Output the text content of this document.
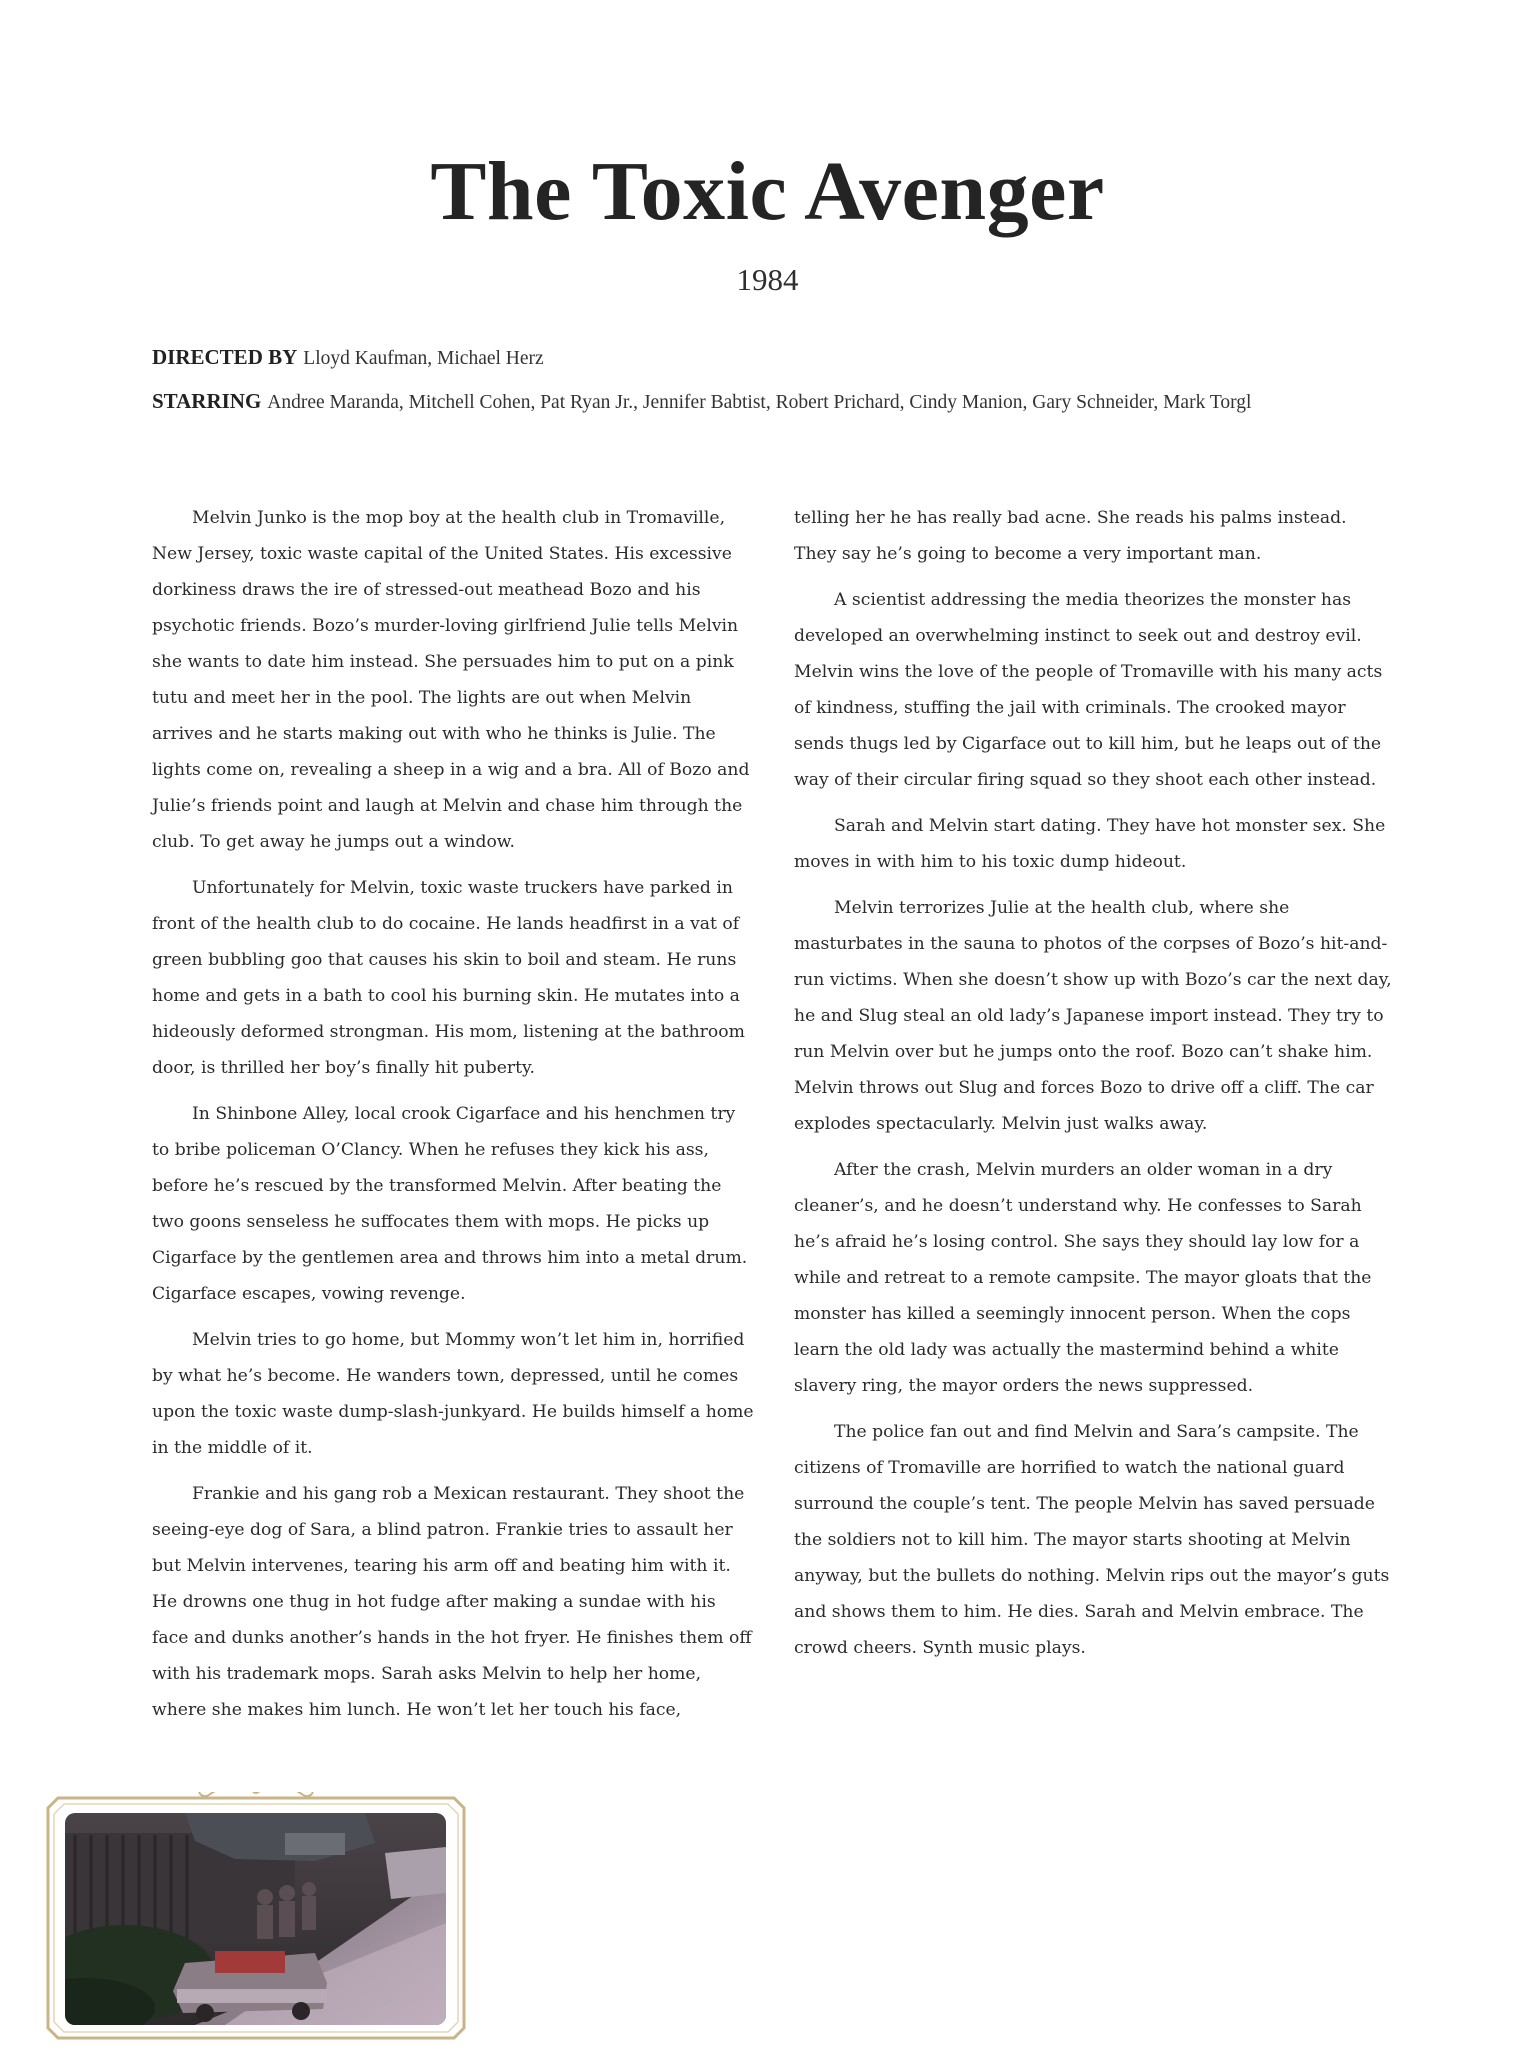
The Toxic Avenger
1984
DIRECTED BY Lloyd Kaufman, Michael Herz
STARRING Andree Maranda, Mitchell Cohen, Pat Ryan Jr., Jennifer Babtist, Robert Prichard, Cindy Manion, Gary Schneider, Mark Torgl

Melvin Junko is the mop boy at the health club in Tromaville, New Jersey, toxic waste capital of the United States. His excessive dorkiness draws the ire of stressed-out meathead Bozo and his psychotic friends. Bozo’s murder-loving girlfriend Julie tells Melvin she wants to date him instead. She persuades him to put on a pink tutu and meet her in the pool. The lights are out when Melvin arrives and he starts making out with who he thinks is Julie. The lights come on, revealing a sheep in a wig and a bra. All of Bozo and Julie’s friends point and laugh at Melvin and chase him through the club. To get away he jumps out a window.

Unfortunately for Melvin, toxic waste truckers have parked in front of the health club to do cocaine. He lands headfirst in a vat of green bubbling goo that causes his skin to boil and steam. He runs home and gets in a bath to cool his burning skin. He mutates into a hideously deformed strongman. His mom, listening at the bathroom door, is thrilled her boy’s finally hit puberty.

In Shinbone Alley, local crook Cigarface and his henchmen try to bribe policeman O’Clancy. When he refuses they kick his ass, before he’s rescued by the transformed Melvin. After beating the two goons senseless he suffocates them with mops. He picks up Cigarface by the gentlemen area and throws him into a metal drum. Cigarface escapes, vowing revenge.

Melvin tries to go home, but Mommy won’t let him in, horrified by what he’s become. He wanders town, depressed, until he comes upon the toxic waste dump-slash-junkyard. He builds himself a home in the middle of it.

Frankie and his gang rob a Mexican restaurant. They shoot the seeing-eye dog of Sara, a blind patron. Frankie tries to assault her but Melvin intervenes, tearing his arm off and beating him with it. He drowns one thug in hot fudge after making a sundae with his face and dunks another’s hands in the hot fryer. He finishes them off with his trademark mops. Sarah asks Melvin to help her home, where she makes him lunch. He won’t let her touch his face,

telling her he has really bad acne. She reads his palms instead. They say he’s going to become a very important man.

A scientist addressing the media theorizes the monster has developed an overwhelming instinct to seek out and destroy evil. Melvin wins the love of the people of Tromaville with his many acts of kindness, stuffing the jail with criminals. The crooked mayor sends thugs led by Cigarface out to kill him, but he leaps out of the way of their circular firing squad so they shoot each other instead.

Sarah and Melvin start dating. They have hot monster sex. She moves in with him to his toxic dump hideout.

Melvin terrorizes Julie at the health club, where she masturbates in the sauna to photos of the corpses of Bozo’s hit-and-run victims. When she doesn’t show up with Bozo’s car the next day, he and Slug steal an old lady’s Japanese import instead. They try to run Melvin over but he jumps onto the roof. Bozo can’t shake him. Melvin throws out Slug and forces Bozo to drive off a cliff. The car explodes spectacularly. Melvin just walks away.

After the crash, Melvin murders an older woman in a dry cleaner’s, and he doesn’t understand why. He confesses to Sarah he’s afraid he’s losing control. She says they should lay low for a while and retreat to a remote campsite. The mayor gloats that the monster has killed a seemingly innocent person. When the cops learn the old lady was actually the mastermind behind a white slavery ring, the mayor orders the news suppressed.

The police fan out and find Melvin and Sara’s campsite. The citizens of Tromaville are horrified to watch the national guard surround the couple’s tent. The people Melvin has saved persuade the soldiers not to kill him. The mayor starts shooting at Melvin anyway, but the bullets do nothing. Melvin rips out the mayor’s guts and shows them to him. He dies. Sarah and Melvin embrace. The crowd cheers. Synth music plays.
